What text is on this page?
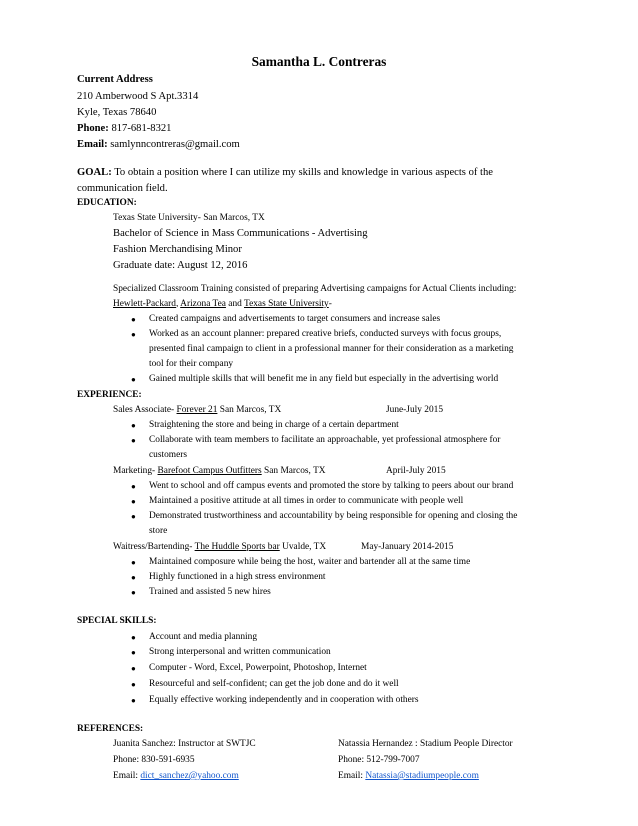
Samantha L. Contreras
Current Address
210 Amberwood S Apt.3314
Kyle, Texas 78640
Phone: 817-681-8321
Email: samlynncontreras@gmail.com
GOAL: To obtain a position where I can utilize my skills and knowledge in various aspects of the
communication field.
EDUCATION:
Texas State University- San Marcos, TX
Bachelor of Science in Mass Communications - Advertising
Fashion Merchandising Minor
Graduate date: August 12, 2016
Specialized Classroom Training consisted of preparing Advertising campaigns for Actual Clients including:
Hewlett-Packard, Arizona Tea and Texas State University-
● Created campaigns and advertisements to target consumers and increase sales
● Worked as an account planner: prepared creative briefs, conducted surveys with focus groups,
presented final campaign to client in a professional manner for their consideration as a marketing
tool for their company
● Gained multiple skills that will benefit me in any field but especially in the advertising world
EXPERIENCE:
Sales Associate- Forever 21 San Marcos, TX	June-July 2015
● Straightening the store and being in charge of a certain department
● Collaborate with team members to facilitate an approachable, yet professional atmosphere for
customers
Marketing- Barefoot Campus Outfitters San Marcos, TX	April-July 2015
● Went to school and off campus events and promoted the store by talking to peers about our brand
● Maintained a positive attitude at all times in order to communicate with people well
● Demonstrated trustworthiness and accountability by being responsible for opening and closing the
store
Waitress/Bartending- The Huddle Sports bar Uvalde, TX	May-January 2014-2015
● Maintained composure while being the host, waiter and bartender all at the same time
● Highly functioned in a high stress environment
● Trained and assisted 5 new hires
SPECIAL SKILLS:
● Account and media planning
● Strong interpersonal and written communication
● Computer - Word, Excel, Powerpoint, Photoshop, Internet
● Resourceful and self-confident; can get the job done and do it well
● Equally effective working independently and in cooperation with others
REFERENCES:
Juanita Sanchez: Instructor at SWTJC	Natassia Hernandez : Stadium People Director
Phone: 830-591-6935	Phone: 512-799-7007
Email: dict_sanchez@yahoo.com	Email: Natassia@stadiumpeople.com
